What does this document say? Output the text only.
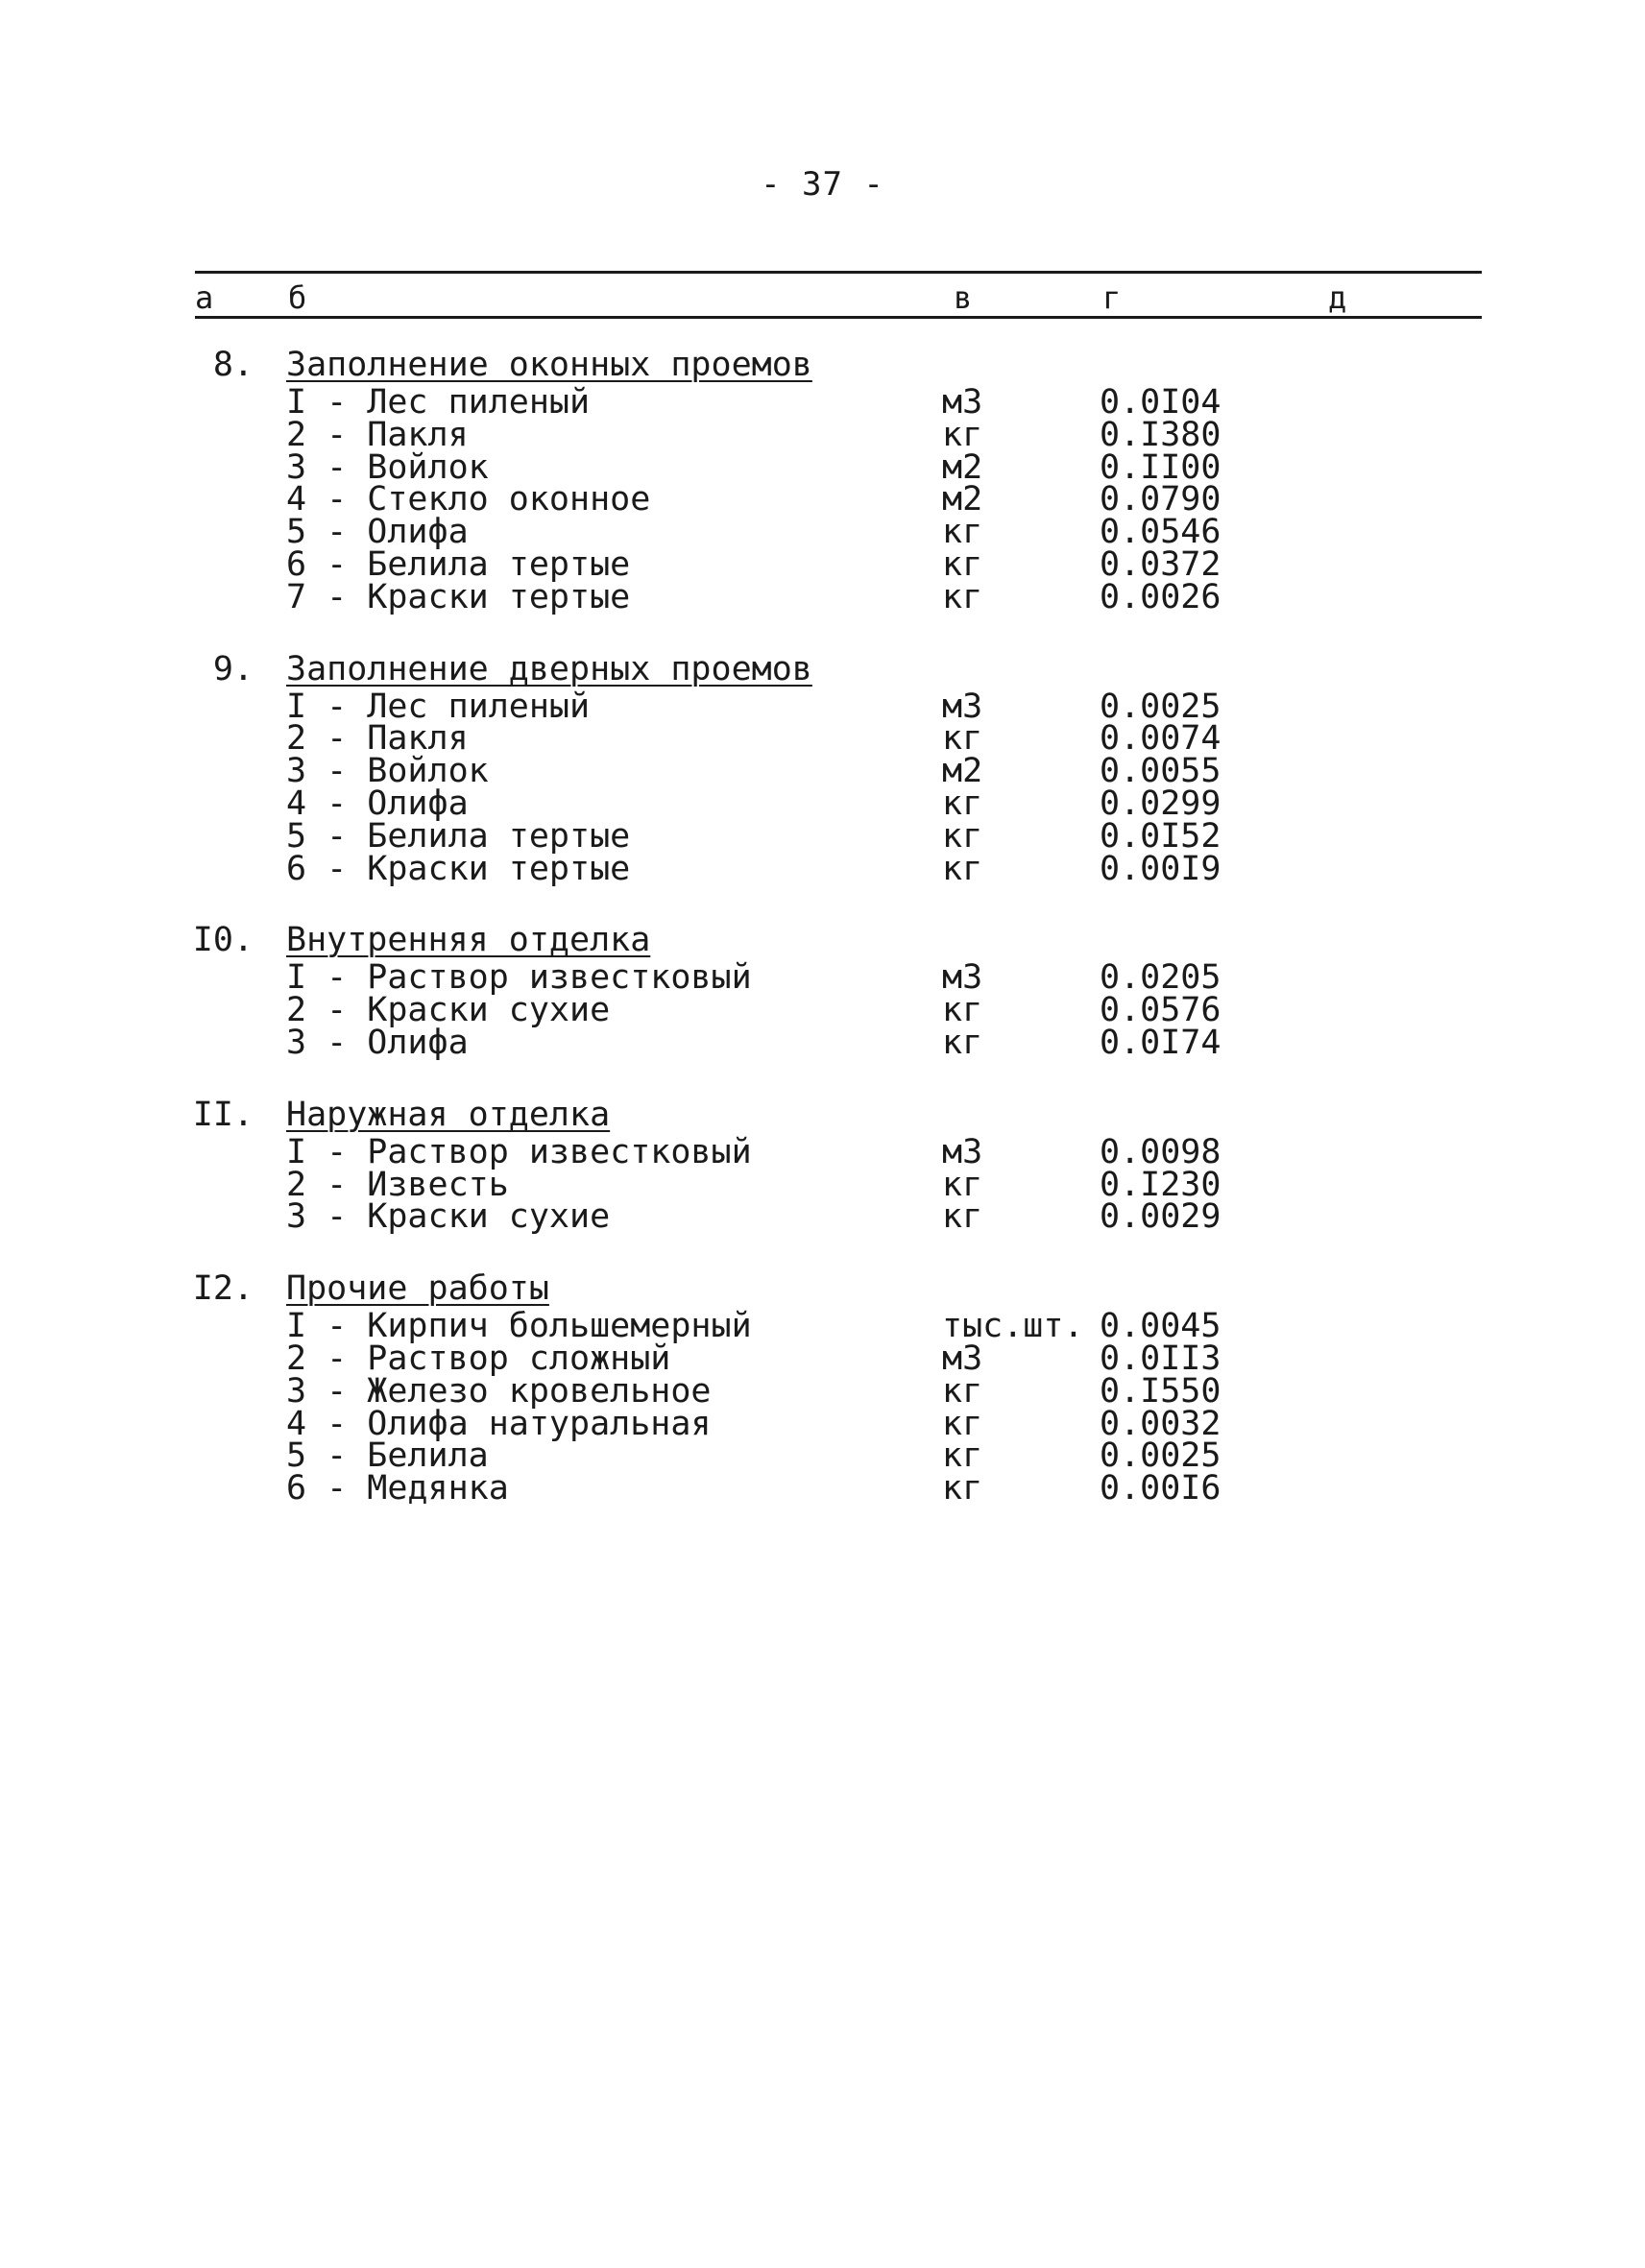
- 37 -
а б	в	г	д
8. Заполнение оконных проемов
I - Лес пиленый	м3	0.0I04
2 - Пакля	кг	0.I380
3 - Войлок	м2	0.II00
4 - Стекло оконное	м2	0.0790
5 - Олифа	кг	0.0546
6 - Белила тертые	кг	0.0372
7 - Краски тертые	кг	0.0026
9. Заполнение дверных проемов
I - Лес пиленый	м3	0.0025
2 - Пакля	кг	0.0074
3 - Войлок	м2	0.0055
4 - Олифа	кг	0.0299
5 - Белила тертые	кг	0.0I52
6 - Краски тертые	кг	0.00I9
I0. Внутренняя отделка
I - Раствор известковый	м3	0.0205
2 - Краски сухие	кг	0.0576
3 - Олифа	кг	0.0I74
II. Наружная отделка
I - Раствор известковый	м3	0.0098
2 - Известь	кг	0.I230
3 - Краски сухие	кг	0.0029
I2. Прочие работы
I - Кирпич большемерный	тыс.шт. 0.0045
2 - Раствор сложный	м3	0.0II3
3 - Железо кровельное	кг	0.I550
4 - Олифа натуральная	кг	0.0032
5 - Белила	кг	0.0025
6 - Медянка	кг	0.00I6
